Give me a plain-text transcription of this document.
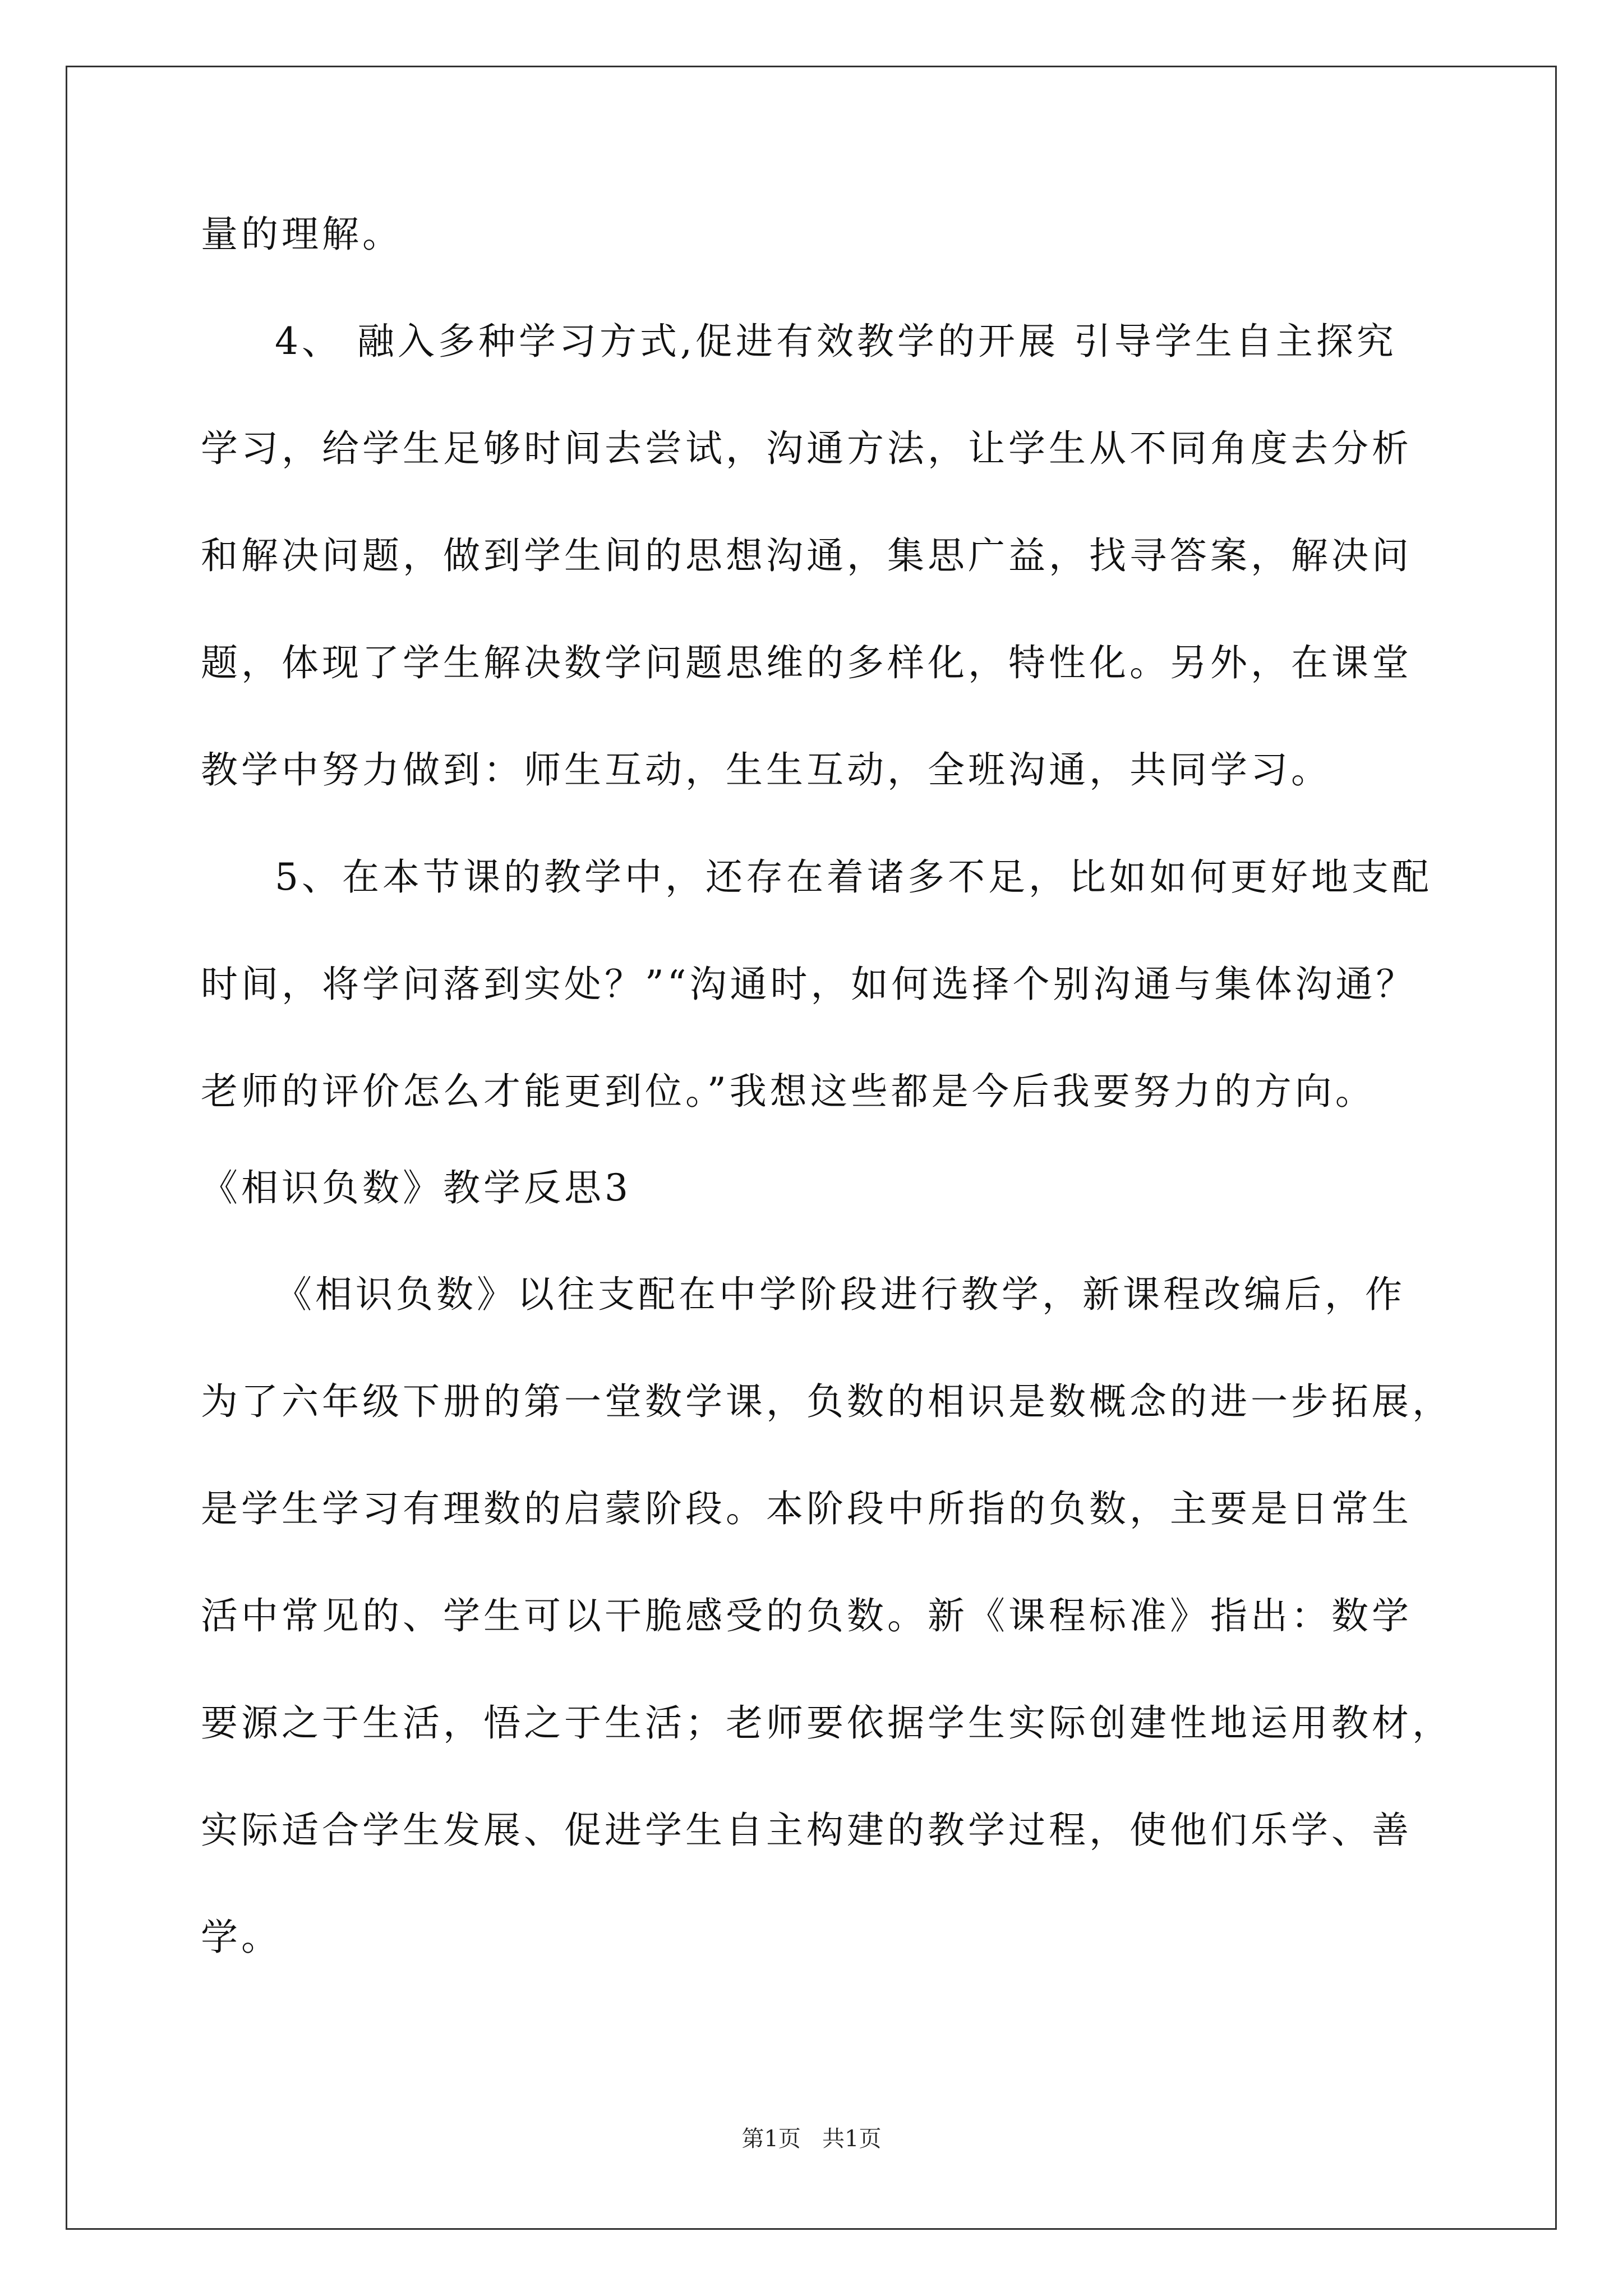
量的理解。
4、 融入多种学习方式,促进有效教学的开展 引导学生自主探究
学习，给学生足够时间去尝试，沟通方法，让学生从不同角度去分析
和解决问题，做到学生间的思想沟通，集思广益，找寻答案，解决问
题，体现了学生解决数学问题思维的多样化，特性化。另外，在课堂
教学中努力做到：师生互动，生生互动，全班沟通，共同学习。
5、在本节课的教学中，还存在着诸多不足，比如如何更好地支配
时间，将学问落到实处？”“沟通时，如何选择个别沟通与集体沟通？
老师的评价怎么才能更到位。”我想这些都是今后我要努力的方向。
《相识负数》教学反思3
《相识负数》以往支配在中学阶段进行教学，新课程改编后，作
为了六年级下册的第一堂数学课，负数的相识是数概念的进一步拓展，
是学生学习有理数的启蒙阶段。本阶段中所指的负数，主要是日常生
活中常见的、学生可以干脆感受的负数。新《课程标准》指出：数学
要源之于生活，悟之于生活；老师要依据学生实际创建性地运用教材，
实际适合学生发展、促进学生自主构建的教学过程，使他们乐学、善
学。
第1页   共1页
